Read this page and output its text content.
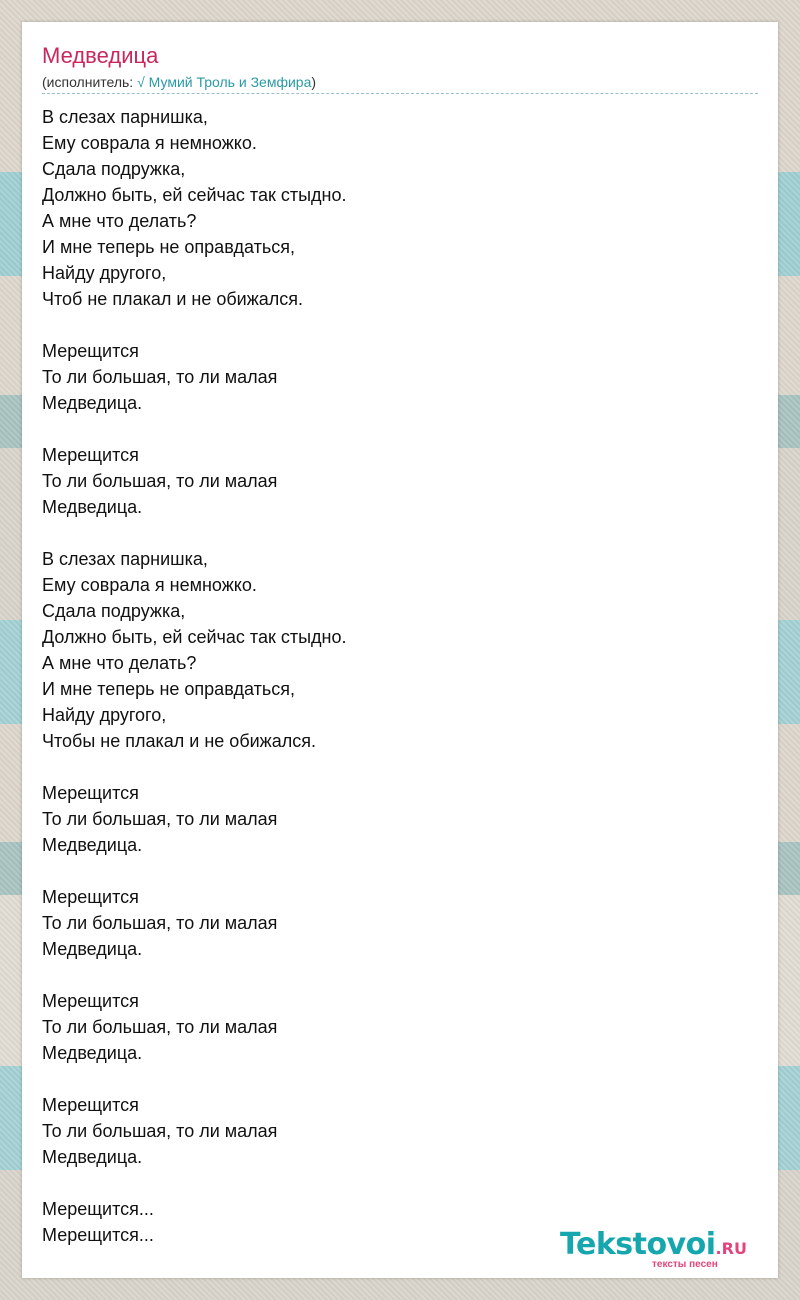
Медведица
(исполнитель: √ Мумий Троль и Земфира)
В слезах парнишка,
Ему соврала я немножко.
Сдала подружка,
Должно быть, ей сейчас так стыдно.
А мне что делать?
И мне теперь не оправдаться,
Найду другого,
Чтоб не плакал и не обижался.
Мерещится
То ли большая, то ли малая
Медведица.
Мерещится
То ли большая, то ли малая
Медведица.
В слезах парнишка,
Ему соврала я немножко.
Сдала подружка,
Должно быть, ей сейчас так стыдно.
А мне что делать?
И мне теперь не оправдаться,
Найду другого,
Чтобы не плакал и не обижался.
Мерещится
То ли большая, то ли малая
Медведица.
Мерещится
То ли большая, то ли малая
Медведица.
Мерещится
То ли большая, то ли малая
Медведица.
Мерещится
То ли большая, то ли малая
Медведица.
Мерещится...
Мерещится...	Tekstovoi.RU
тексты песен
